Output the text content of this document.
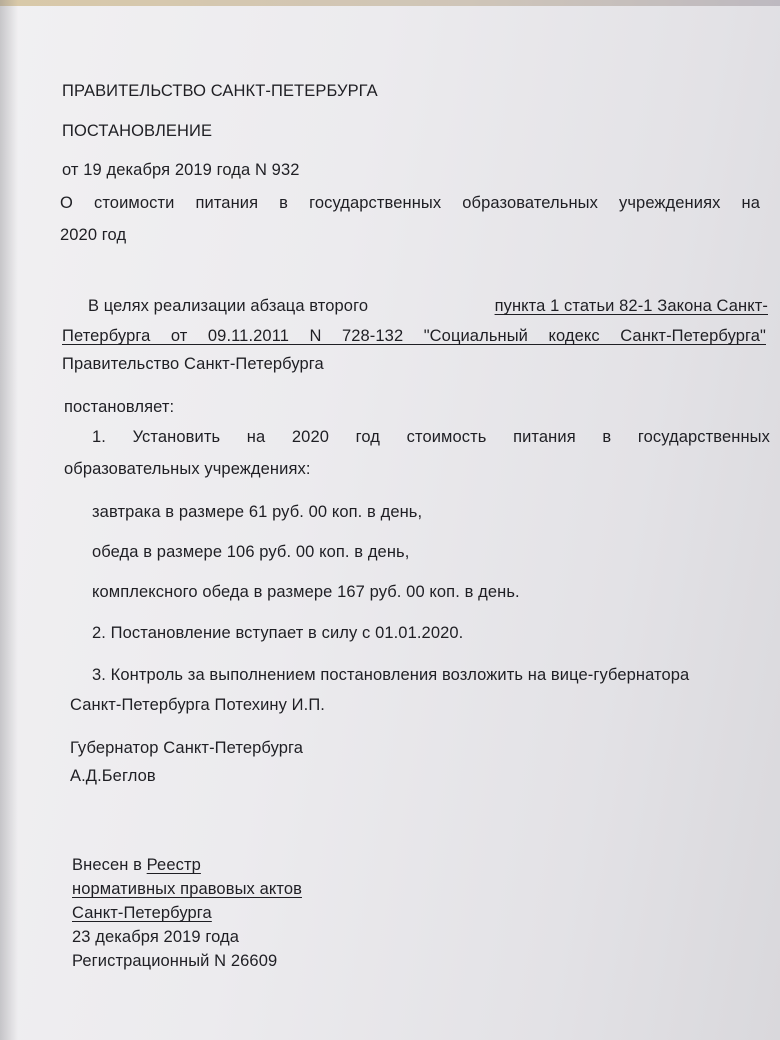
ПРАВИТЕЛЬСТВО САНКТ-ПЕТЕРБУРГА

ПОСТАНОВЛЕНИЕ

от 19 декабря 2019 года N 932

О стоимости питания в государственных образовательных учреждениях на

2020 год

В целях реализации абзаца второго	пункта 1 статьи 82-1 Закона Санкт-

Петербурга от 09.11.2011 N 728-132 "Социальный кодекс Санкт-Петербурга"

Правительство Санкт-Петербурга

постановляет:

1. Установить на 2020 год стоимость питания в государственных

образовательных учреждениях:

завтрака в размере 61 руб. 00 коп. в день,

обеда в размере 106 руб. 00 коп. в день,

комплексного обеда в размере 167 руб. 00 коп. в день.

2. Постановление вступает в силу с 01.01.2020.

3. Контроль за выполнением постановления возложить на вице-губернатора

Санкт-Петербурга Потехину И.П.

Губернатор Санкт-Петербурга

А.Д.Беглов

Внесен в Реестр

нормативных правовых актов

Санкт-Петербурга

23 декабря 2019 года

Регистрационный N 26609
